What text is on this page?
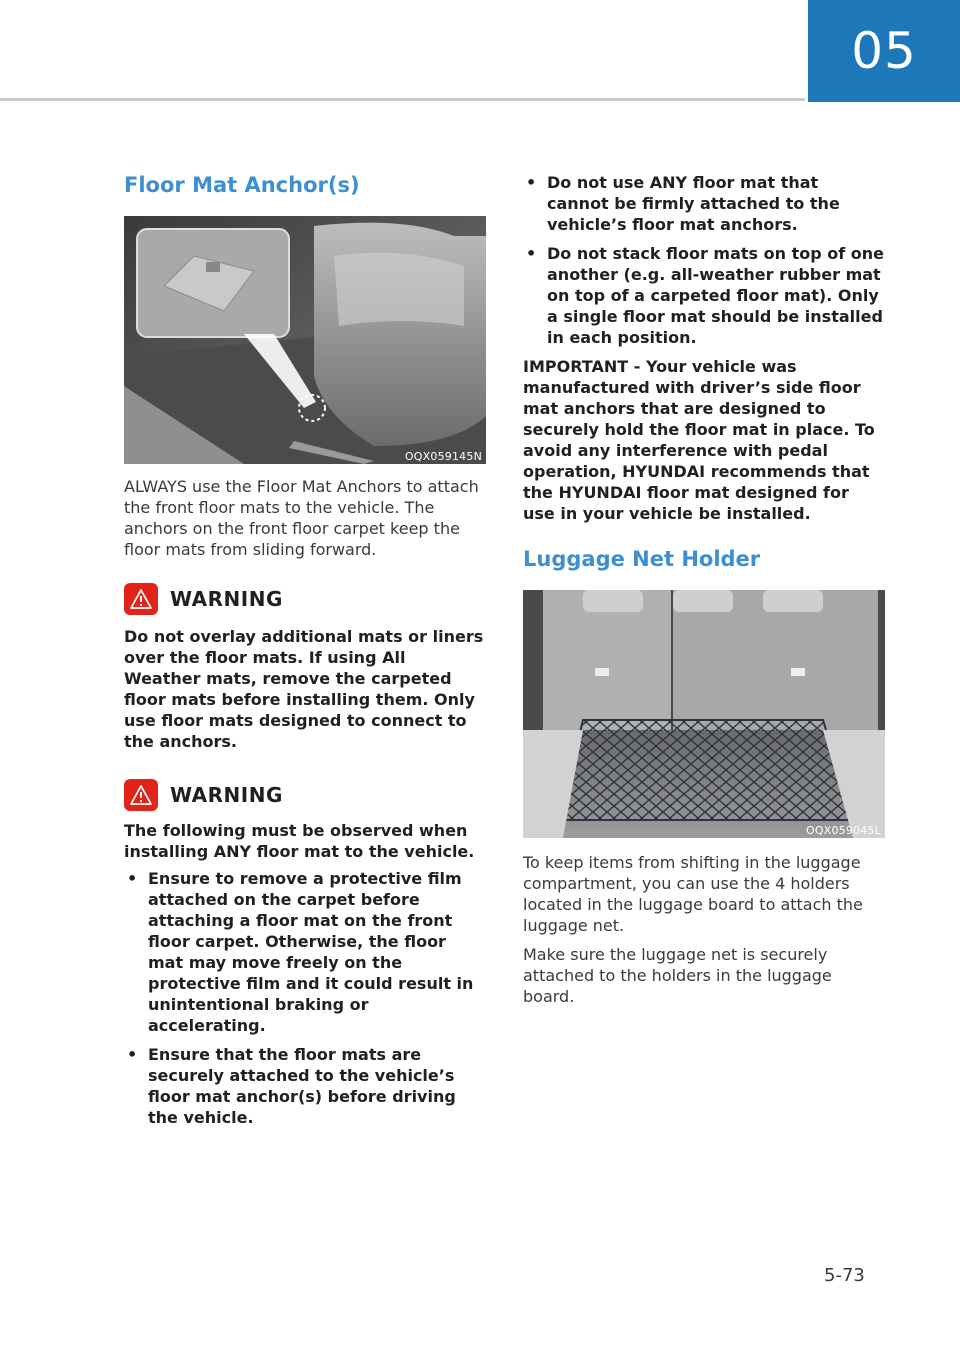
05
Floor Mat Anchor(s)
OQX059145N

ALWAYS use the Floor Mat Anchors to attach the front floor mats to the vehicle. The anchors on the front floor carpet keep the floor mats from sliding forward.

WARNING

Do not overlay additional mats or liners over the floor mats. If using All Weather mats, remove the carpeted floor mats before installing them. Only use floor mats designed to connect to the anchors.

WARNING

The following must be observed when installing ANY floor mat to the vehicle.

• Ensure to remove a protective film attached on the carpet before attaching a floor mat on the front floor carpet. Otherwise, the floor mat may move freely on the protective film and it could result in unintentional braking or accelerating.
• Ensure that the floor mats are securely attached to the vehicle’s floor mat anchor(s) before driving the vehicle.
• Do not use ANY floor mat that cannot be firmly attached to the vehicle’s floor mat anchors.
• Do not stack floor mats on top of one another (e.g. all-weather rubber mat on top of a carpeted floor mat). Only a single floor mat should be installed in each position.

IMPORTANT - Your vehicle was manufactured with driver’s side floor mat anchors that are designed to securely hold the floor mat in place. To avoid any interference with pedal operation, HYUNDAI recommends that the HYUNDAI floor mat designed for use in your vehicle be installed.

Luggage Net Holder
OQX059045L

To keep items from shifting in the luggage compartment, you can use the 4 holders located in the luggage board to attach the luggage net.

Make sure the luggage net is securely attached to the holders in the luggage board.

5-73
